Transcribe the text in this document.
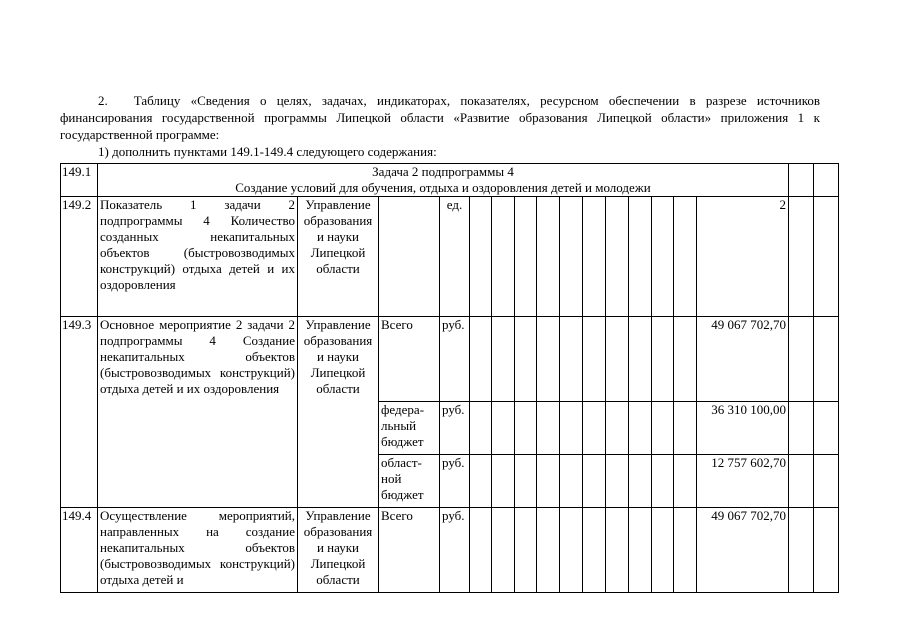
2.  Таблицу «Сведения о целях, задачах, индикаторах, показателях, ресурсном обеспечении в разрезе источников финансирования государственной программы Липецкой области «Развитие образования Липецкой области» приложения 1 к государственной программе:

1) дополнить пунктами 149.1-149.4 следующего содержания:

149.1	Задача 2 подпрограммы 4
Создание условий для обучения, отдыха и оздоровления детей и молодежи																

149.2	Показатель 1 задачи 2 подпрограммы 4 Количество созданных некапитальных объектов (быстровозводимых конструкций) отдыха детей и их оздоровления	Управление образования и науки Липецкой области		ед.											2		
149.3	Основное мероприятие 2 задачи 2 подпрограммы 4 Создание некапитальных объектов (быстровозводимых конструкций) отдыха детей и их оздоровления	Управление образования и науки Липецкой области	Всего	руб.											49 067 702,70		
			федеральный бюджет	руб.											36 310 100,00		
			областной бюджет	руб.											12 757 602,70		
149.4	Осуществление мероприятий, направленных на создание некапитальных объектов (быстровозводимых конструкций) отдыха детей и	Управление образования и науки Липецкой области	Всего	руб.											49 067 702,70		
